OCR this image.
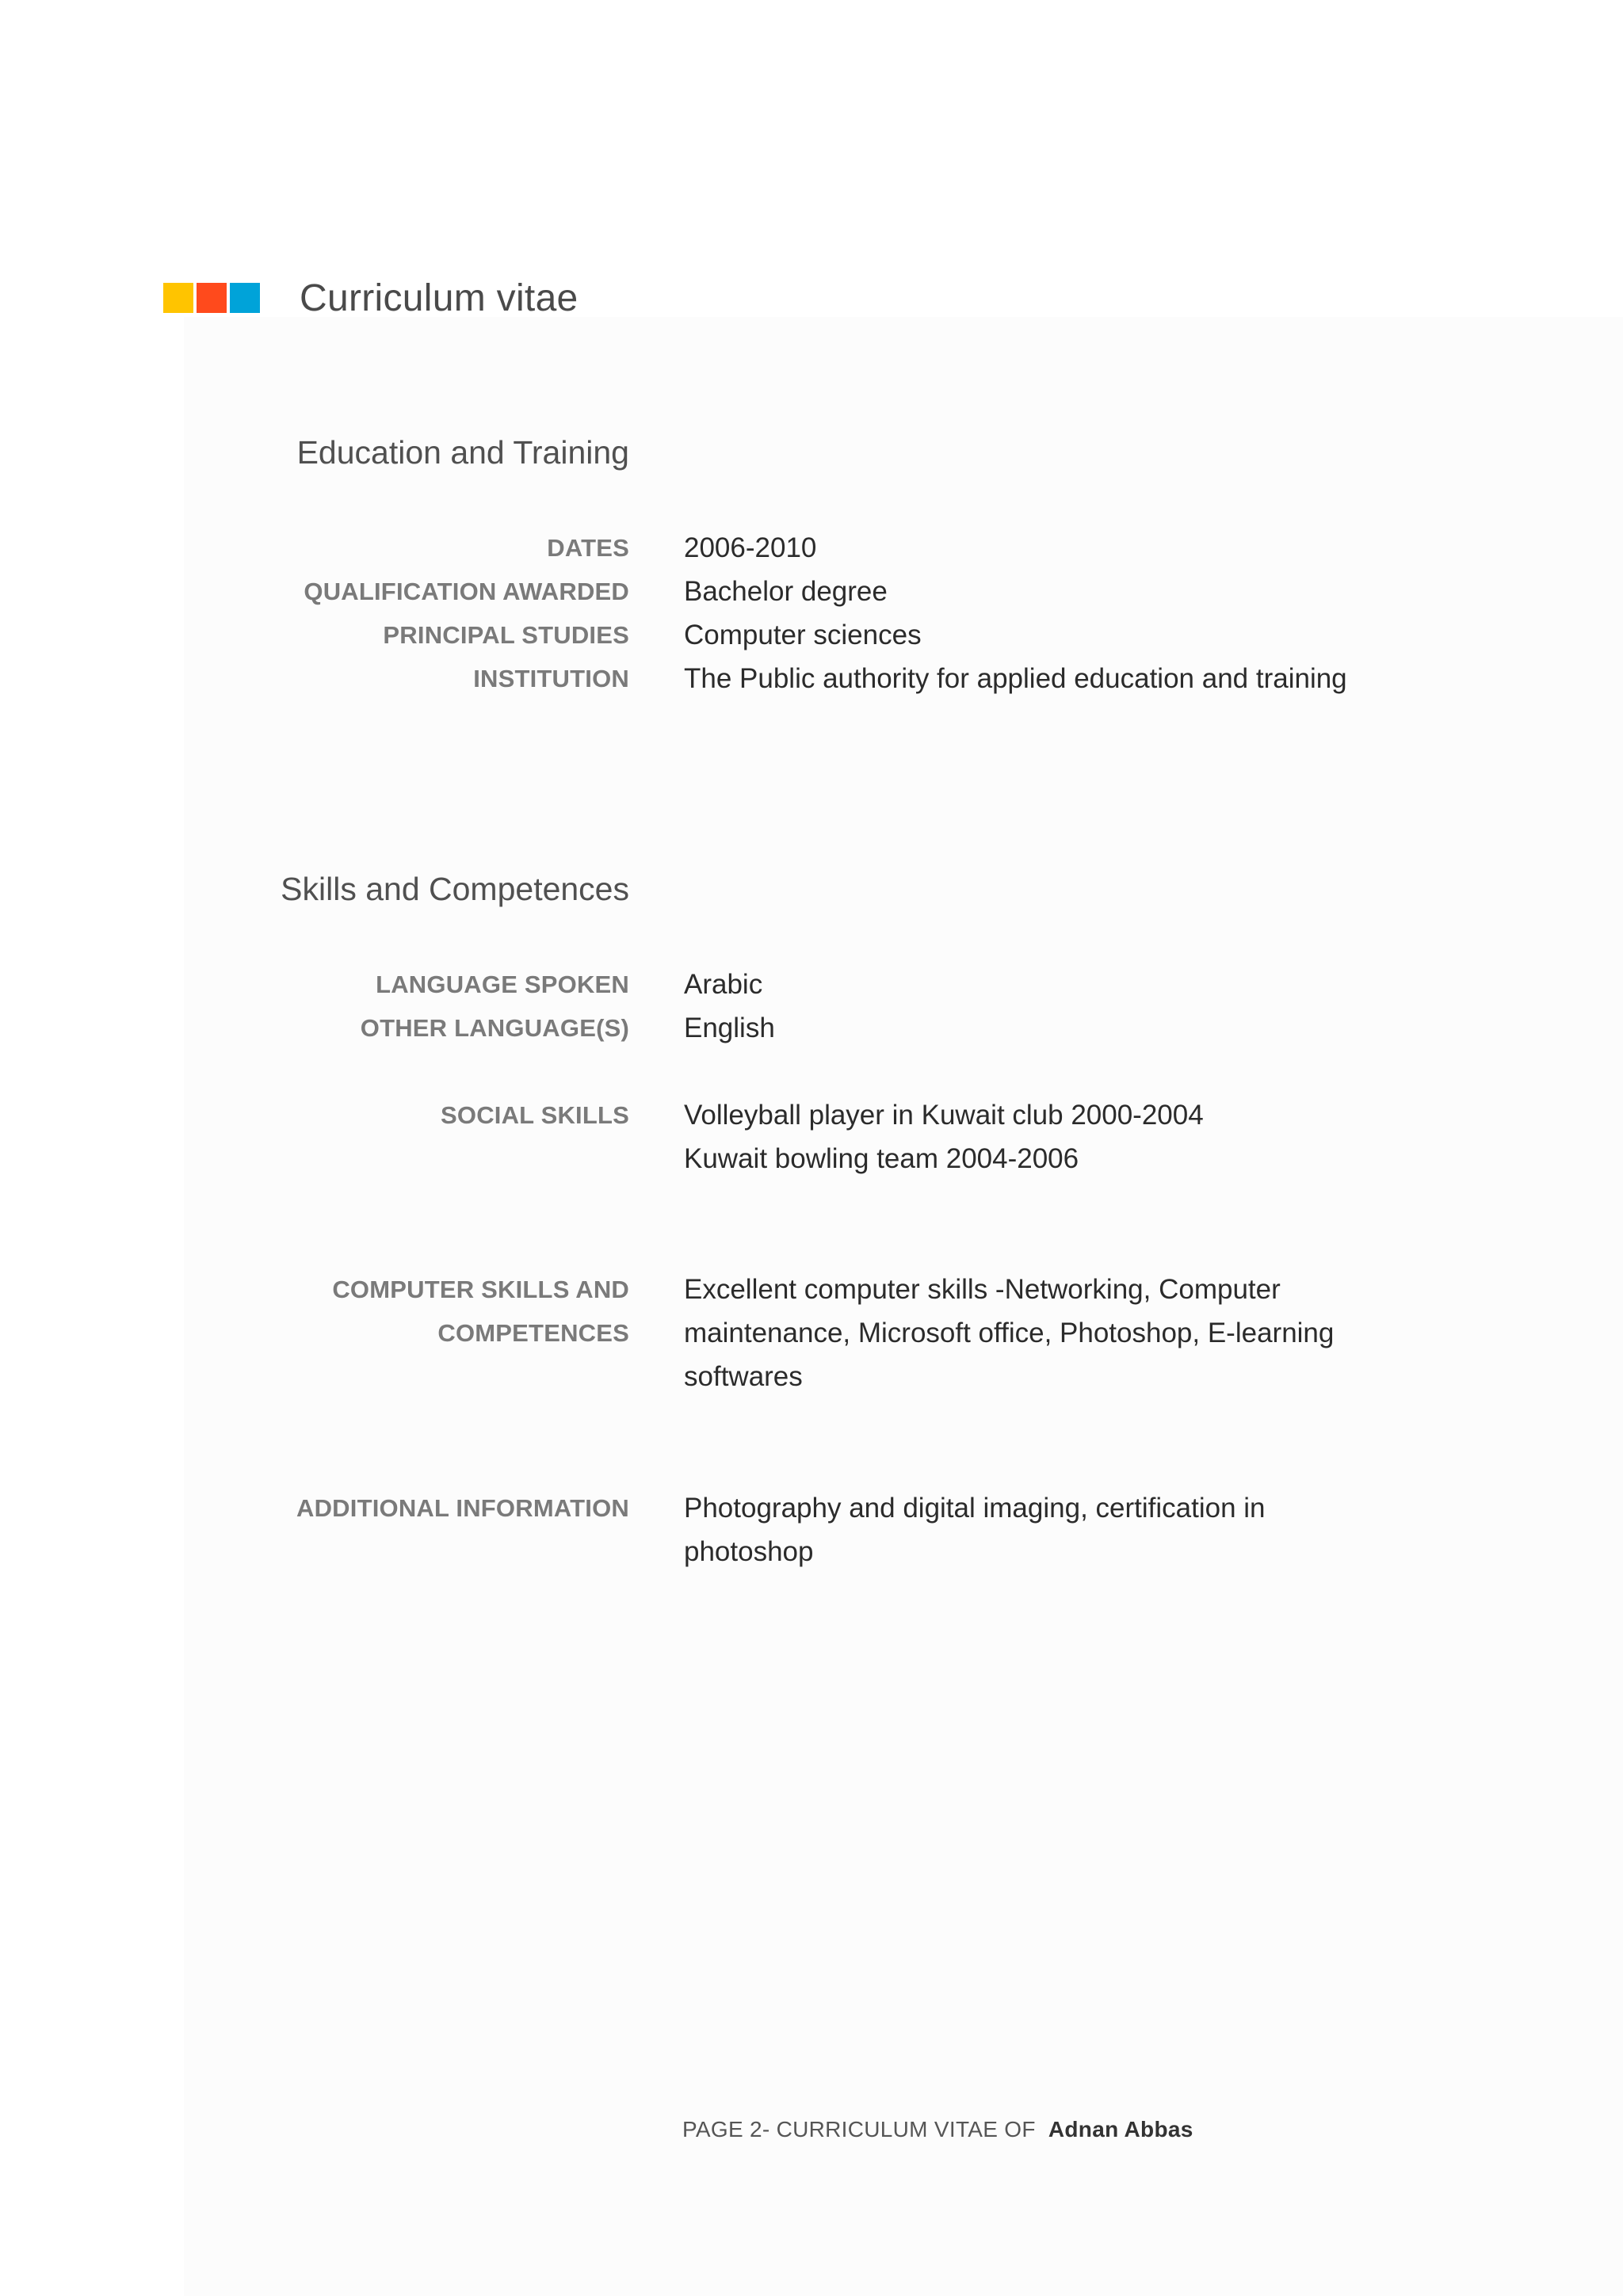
Curriculum vitae
Education and Training
DATES 2006-2010
QUALIFICATION AWARDED Bachelor degree
PRINCIPAL STUDIES Computer sciences
INSTITUTION The Public authority for applied education and training
Skills and Competences
LANGUAGE SPOKEN Arabic
OTHER LANGUAGE(S) English
SOCIAL SKILLS Volleyball player in Kuwait club 2000-2004
Kuwait bowling team 2004-2006
COMPUTER SKILLS AND
COMPETENCES
Excellent computer skills -Networking, Computer maintenance, Microsoft office, Photoshop, E-learning softwares
ADDITIONAL INFORMATION Photography and digital imaging, certification in photoshop
PAGE 2- CURRICULUM VITAE OF Adnan Abbas
